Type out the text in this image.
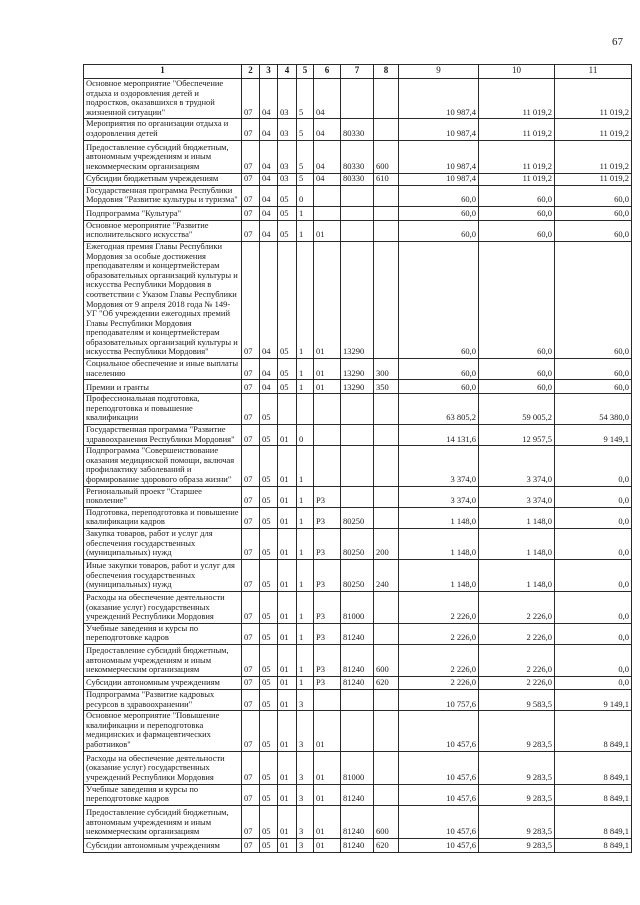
67
1	2	3	4	5	6	7	8	9	10	11
Основное мероприятие "Обеспечение отдыха и оздоровления детей и подростков, оказавшихся в трудной жизненной ситуации"	07	04	03	5	04			10 987,4	11 019,2	11 019,2
Мероприятия по организации отдыха и оздоровления детей	07	04	03	5	04	80330		10 987,4	11 019,2	11 019,2
Предоставление субсидий бюджетным, автономным учреждениям и иным некоммерческим организациям	07	04	03	5	04	80330	600	10 987,4	11 019,2	11 019,2
Субсидии бюджетным учреждениям	07	04	03	5	04	80330	610	10 987,4	11 019,2	11 019,2
Государственная программа Республики Мордовия "Развитие культуры и туризма"	07	04	05	0				60,0	60,0	60,0
Подпрограмма "Культура"	07	04	05	1				60,0	60,0	60,0
Основное мероприятие "Развитие исполнительского искусства"	07	04	05	1	01			60,0	60,0	60,0
Ежегодная премия Главы Республики Мордовия за особые достижения преподавателям и концертмейстерам образовательных организаций культуры и искусства Республики Мордовия в соответствии с Указом Главы Республики Мордовия от 9 апреля 2018 года № 149-УГ "Об учреждении ежегодных премий Главы Республики Мордовия преподавателям и концертмейстерам образовательных организаций культуры и искусства Республики Мордовия"	07	04	05	1	01	13290		60,0	60,0	60,0
Социальное обеспечение и иные выплаты населению	07	04	05	1	01	13290	300	60,0	60,0	60,0
Премии и гранты	07	04	05	1	01	13290	350	60,0	60,0	60,0
Профессиональная подготовка, переподготовка и повышение квалификации	07	05						63 805,2	59 005,2	54 380,0
Государственная программа "Развитие здравоохранения Республики Мордовия"	07	05	01	0				14 131,6	12 957,5	9 149,1
Подпрограмма "Совершенствование оказания медицинской помощи, включая профилактику заболеваний и формирование здорового образа жизни"	07	05	01	1				3 374,0	3 374,0	0,0
Региональный проект "Старшее поколение"	07	05	01	1	P3			3 374,0	3 374,0	0,0
Подготовка, переподготовка и повышение квалификации кадров	07	05	01	1	P3	80250		1 148,0	1 148,0	0,0
Закупка товаров, работ и услуг для обеспечения государственных (муниципальных) нужд	07	05	01	1	P3	80250	200	1 148,0	1 148,0	0,0
Иные закупки товаров, работ и услуг для обеспечения государственных (муниципальных) нужд	07	05	01	1	P3	80250	240	1 148,0	1 148,0	0,0
Расходы на обеспечение деятельности (оказание услуг) государственных учреждений Республики Мордовия	07	05	01	1	P3	81000		2 226,0	2 226,0	0,0
Учебные заведения и курсы по переподготовке кадров	07	05	01	1	P3	81240		2 226,0	2 226,0	0,0
Предоставление субсидий бюджетным, автономным учреждениям и иным некоммерческим организациям	07	05	01	1	P3	81240	600	2 226,0	2 226,0	0,0
Субсидии автономным учреждениям	07	05	01	1	P3	81240	620	2 226,0	2 226,0	0,0
Подпрограмма "Развитие кадровых ресурсов в здравоохранении"	07	05	01	3				10 757,6	9 583,5	9 149,1
Основное мероприятие "Повышение квалификации и переподготовка медицинских и фармацевтических работников"	07	05	01	3	01			10 457,6	9 283,5	8 849,1
Расходы на обеспечение деятельности (оказание услуг) государственных учреждений Республики Мордовия	07	05	01	3	01	81000		10 457,6	9 283,5	8 849,1
Учебные заведения и курсы по переподготовке кадров	07	05	01	3	01	81240		10 457,6	9 283,5	8 849,1
Предоставление субсидий бюджетным, автономным учреждениям и иным некоммерческим организациям	07	05	01	3	01	81240	600	10 457,6	9 283,5	8 849,1
Субсидии автономным учреждениям	07	05	01	3	01	81240	620	10 457,6	9 283,5	8 849,1
